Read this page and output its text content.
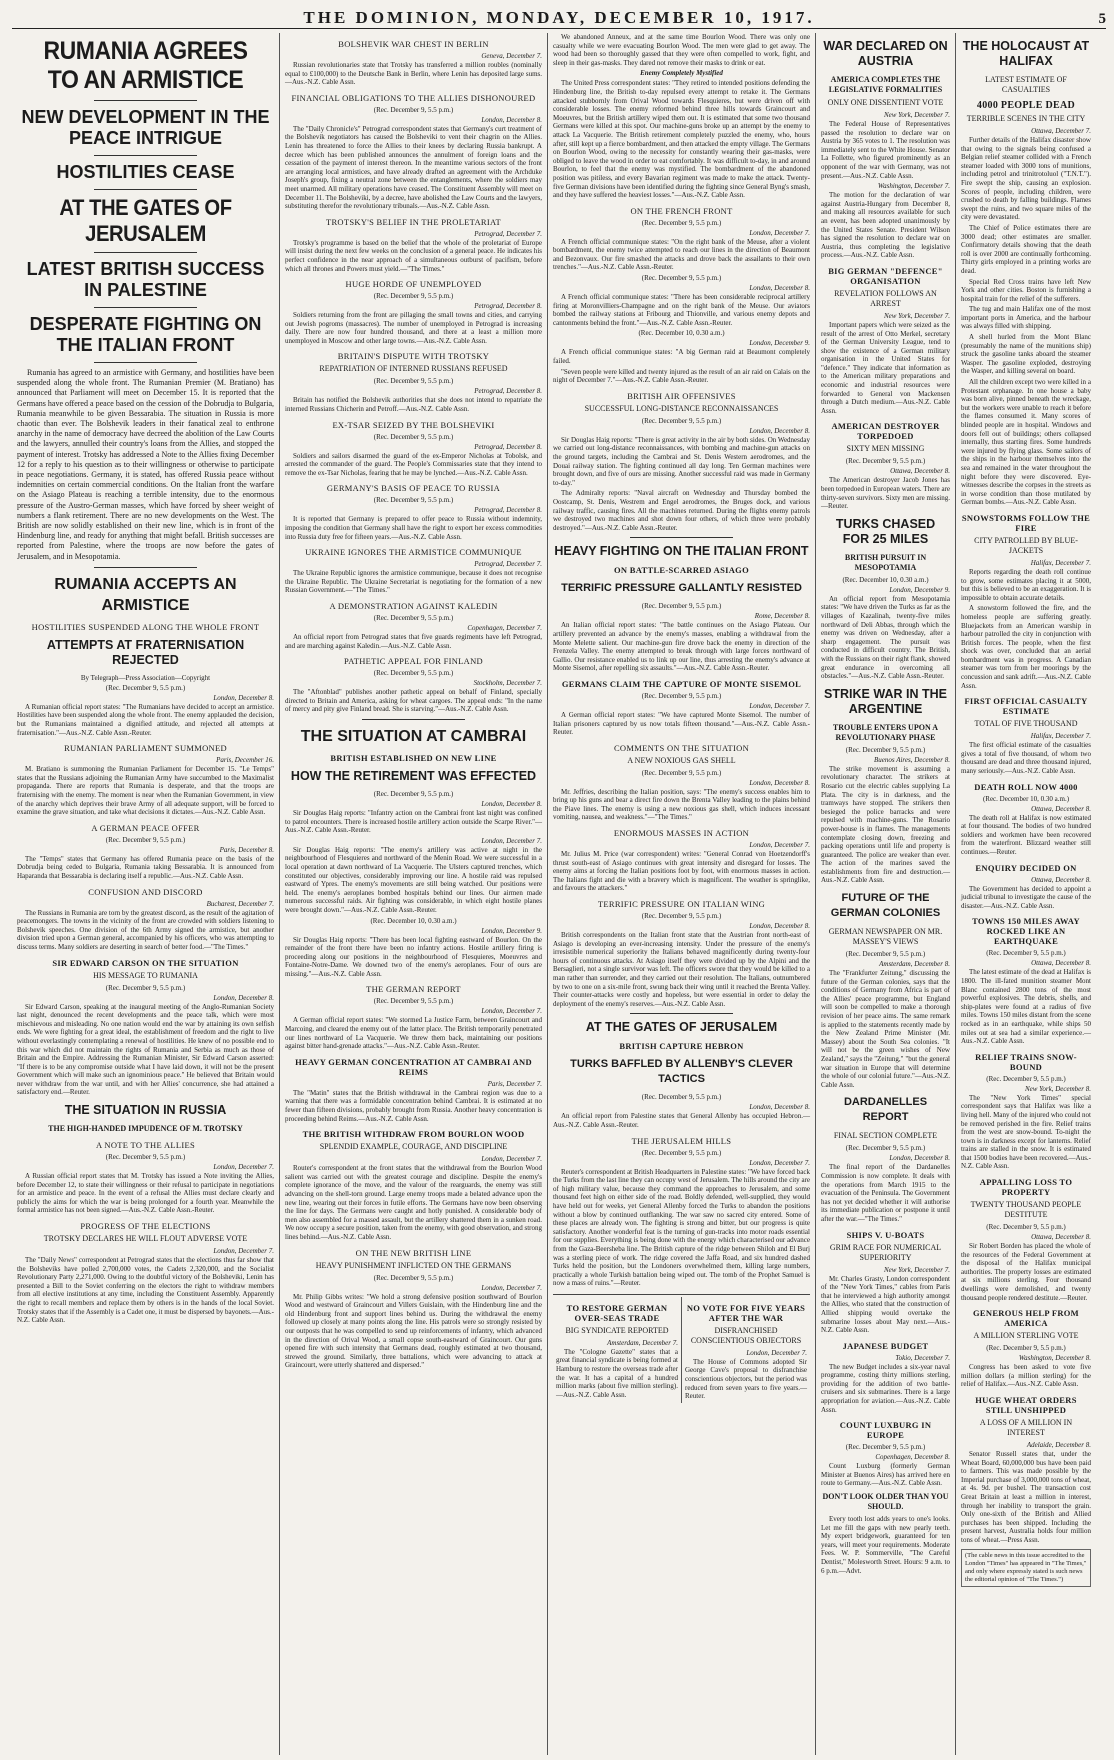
THE DOMINION, MONDAY, DECEMBER 10, 1917.	5
RUMANIA AGREES TO AN ARMISTICE
NEW DEVELOPMENT IN THE PEACE INTRIGUE
HOSTILITIES CEASE
AT THE GATES OF JERUSALEM
LATEST BRITISH SUCCESS IN PALESTINE
DESPERATE FIGHTING ON THE ITALIAN FRONT

Rumania has agreed to an armistice with Germany, and hostilities have been suspended along the whole front. The Rumanian Premier (M. Bratiano) has announced that Parliament will meet on December 15. It is reported that the Germans have offered a peace based on the cession of the Dobrudja to Bulgaria, Rumania meanwhile to be given Bessarabia. The situation in Russia is more chaotic than ever. The Bolshevik leaders in their fanatical zeal to enthrone anarchy in the name of democracy have decreed the abolition of the Law Courts and the lawyers, annulled their country's loans from the Allies, and stopped the payment of interest. Trotsky has addressed a Note to the Allies fixing December 12 for a reply to his question as to their willingness or otherwise to participate in peace negotiations. Germany, it is stated, has offered Russia peace without indemnities on certain commercial conditions. On the Italian front the warfare on the Asiago Plateau is reaching a terrible intensity, due to the enormous pressure of the Austro-German masses, which have forced by sheer weight of numbers a flank retirement. There are no new developments on the West. The British are now solidly established on their new line, which is in front of the Hindenburg line, and ready for anything that might befall. British successes are reported from Palestine, where the troops are now before the gates of Jerusalem, and in Mesopotamia.

RUMANIA ACCEPTS AN ARMISTICE
HOSTILITIES SUSPENDED ALONG THE WHOLE FRONT
ATTEMPTS AT FRATERNISATION REJECTED
By Telegraph—Press Association—Copyright
(Rec. December 9, 5.5 p.m.)
London, December 8.

A Rumanian official report states: "The Rumanians have decided to accept an armistice. Hostilities have been suspended along the whole front. The enemy applauded the decision, but the Rumanians maintained a dignified attitude, and rejected all attempts at fraternisation."—Aus.-N.Z. Cable Assn.-Reuter.

RUMANIAN PARLIAMENT SUMMONED
Paris, December 16.

M. Bratiano is summoning the Rumanian Parliament for December 15. "Le Temps" states that the Russians adjoining the Rumanian Army have succumbed to the Maximalist propaganda. There are reports that Rumania is desperate, and that the troops are fraternising with the enemy. The moment is near when the Rumanian Government, in view of the anarchy which deprives their brave Army of all adequate support, will be forced to examine the grave situation, and take what decisions it dictates.—Aus.-N.Z. Cable Assn.

A GERMAN PEACE OFFER
(Rec. December 9, 5.5 p.m.)
Paris, December 8.

The "Temps" states that Germany has offered Rumania peace on the basis of the Dobrudja being ceded to Bulgaria, Rumania taking Bessarabia. It is announced from Haparanda that Bessarabia is declaring itself a republic.—Aus.-N.Z. Cable Assn.

CONFUSION AND DISCORD
Bucharest, December 7.

The Russians in Rumania are torn by the greatest discord, as the result of the agitation of peacemongers. The towns in the vicinity of the front are crowded with soldiers listening to Bolshevik speeches. One division of the 6th Army signed the armistice, but another division tried upon a German general, accompanied by his officers, who was attempting to discuss terms. Many soldiers are deserting in search of better food.—"The Times."

SIR EDWARD CARSON ON THE SITUATION
HIS MESSAGE TO RUMANIA
(Rec. December 9, 5.5 p.m.)
London, December 8.

Sir Edward Carson, speaking at the inaugural meeting of the Anglo-Rumanian Society last night, denounced the recent developments and the peace talk, which were most mischievous and misleading. No one nation would end the war by attaining its own selfish ends. We were fighting for a great ideal, the establishment of freedom and the right to live without everlastingly contemplating a renewal of hostilities. He knew of no possible end to this war which did not maintain the rights of Rumania and Serbia as much as those of Britain and the Empire. Addressing the Rumanian Minister, Sir Edward Carson asserted: "If there is to be any compromise outside what I have laid down, it will not be the present Government which will make such an ignominious peace." He believed that Britain would never withdraw from the war until, and with her Allies' concurrence, she had attained a satisfactory end.—Reuter.

THE SITUATION IN RUSSIA
THE HIGH-HANDED IMPUDENCE OF M. TROTSKY
A NOTE TO THE ALLIES
(Rec. December 9, 5.5 p.m.)
London, December 7.

A Russian official report states that M. Trotsky has issued a Note inviting the Allies, before December 12, to state their willingness or their refusal to participate in negotiations for an armistice and peace. In the event of a refusal the Allies must declare clearly and publicly the aims for which the war is being prolonged for a fourth year. Meanwhile the formal armistice has not been signed.—Aus.-N.Z. Cable Assn.-Reuter.

PROGRESS OF THE ELECTIONS
TROTSKY DECLARES HE WILL FLOUT ADVERSE VOTE
London, December 7.

The "Daily News" correspondent at Petrograd states that the elections thus far show that the Bolsheviks have polled 2,700,000 votes, the Cadets 2,320,000, and the Socialist Revolutionary Party 2,271,000. Owing to the doubtful victory of the Bolsheviki, Lenin has presented a Bill to the Soviet conferring on the electors the right to withdraw members from all elective institutions at any time, including the Constituent Assembly. Apparently the right to recall members and replace them by others is in the hands of the local Soviet. Trotsky states that if the Assembly is a Cadet one, it must be dispersed by bayonets.—Aus.-N.Z. Cable Assn.

BOLSHEVIK WAR CHEST IN BERLIN
Geneva, December 7.

Russian revolutionaries state that Trotsky has transferred a million roubles (nominally equal to £100,000) to the Deutsche Bank in Berlin, where Lenin has deposited large sums.—Aus.-N.Z. Cable Assn.

FINANCIAL OBLIGATIONS TO THE ALLIES DISHONOURED
(Rec. December 9, 5.5 p.m.)
London, December 8.

The "Daily Chronicle's" Petrograd correspondent states that Germany's curt treatment of the Bolshevik negotiators has caused the Bolsheviki to vent their chagrin on the Allies. Lenin has threatened to force the Allies to their knees by declaring Russia bankrupt. A decree which has been published announces the annulment of foreign loans and the cessation of the payment of interest thereon. In the meantime various sectors of the front are arranging local armistices, and have already drafted an agreement with the Archduke Joseph's group, fixing a neutral zone between the entanglements, where the soldiers may meet unarmed. All military operations have ceased. The Constituent Assembly will meet on December 11. The Bolsheviki, by a decree, have abolished the Law Courts and the lawyers, substituting therefor the revolutionary tribunals.—Aus.-N.Z. Cable Assn.

TROTSKY'S BELIEF IN THE PROLETARIAT
Petrograd, December 7.

Trotsky's programme is based on the belief that the whole of the proletariat of Europe will insist during the next few weeks on the conclusion of a general peace. He indicates his perfect confidence in the near approach of a simultaneous outburst of pacifism, before which all thrones and Powers must yield.—"The Times."

HUGE HORDE OF UNEMPLOYED
(Rec. December 9, 5.5 p.m.)
Petrograd, December 8.

Soldiers returning from the front are pillaging the small towns and cities, and carrying out Jewish pogroms (massacres). The number of unemployed in Petrograd is increasing daily. There are now four hundred thousand, and there at a least a million more unemployed in Moscow and other large towns.—Aus.-N.Z. Cable Assn.

BRITAIN'S DISPUTE WITH TROTSKY
REPATRIATION OF INTERNED RUSSIANS REFUSED
(Rec. December 9, 5.5 p.m.)
Petrograd, December 8.

Britain has notified the Bolshevik authorities that she does not intend to repatriate the interned Russians Chicherin and Petroff.—Aus.-N.Z. Cable Assn.

EX-TSAR SEIZED BY THE BOLSHEVIKI
(Rec. December 9, 5.5 p.m.)
Petrograd, December 8.

Soldiers and sailors disarmed the guard of the ex-Emperor Nicholas at Tobolsk, and arrested the commander of the guard. The People's Commissaries state that they intend to remove the ex-Tsar Nicholas, fearing that he may be lynched.—Aus.-N.Z. Cable Assn.

GERMANY'S BASIS OF PEACE TO RUSSIA
(Rec. December 9, 5.5 p.m.)
Petrograd, December 8.

It is reported that Germany is prepared to offer peace to Russia without indemnity, imposing the condition that Germany shall have the right to export her excess commodities into Russia duty free for fifteen years.—Aus.-N.Z. Cable Assn.

UKRAINE IGNORES THE ARMISTICE COMMUNIQUE
Petrograd, December 7.

The Ukraine Republic ignores the armistice communique, because it does not recognise the Ukraine Republic. The Ukraine Secretariat is negotiating for the formation of a new Russian Government.—"The Times."

A DEMONSTRATION AGAINST KALEDIN
(Rec. December 9, 5.5 p.m.)
Copenhagen, December 7.

An official report from Petrograd states that five guards regiments have left Petrograd, and are marching against Kaledin.—Aus.-N.Z. Cable Assn.

PATHETIC APPEAL FOR FINLAND
(Rec. December 9, 5.5 p.m.)
Stockholm, December 7.

The "Aftonblad" publishes another pathetic appeal on behalf of Finland, specially directed to Britain and America, asking for wheat cargoes. The appeal ends: "In the name of mercy and pity give Finland bread. She is starving."—Aus.-N.Z. Cable Assn.

THE SITUATION AT CAMBRAI
BRITISH ESTABLISHED ON NEW LINE
HOW THE RETIREMENT WAS EFFECTED
(Rec. December 9, 5.5 p.m.)
London, December 8.

Sir Douglas Haig reports: "Infantry action on the Cambrai front last night was confined to patrol encounters. There is increased hostile artillery action outside the Scarpe River."—Aus.-N.Z. Cable Assn.-Reuter.

London, December 7.

Sir Douglas Haig reports: "The enemy's artillery was active at night in the neighbourhood of Flesquieres and northward of the Menin Road. We were successful in a local operation at dawn northward of La Vacquerie. The Ulsters captured trenches, which constituted our objectives, considerably improving our line. A hostile raid was repulsed eastward of Ypres. The enemy's movements are still being watched. Our positions were held. The enemy's aeroplanes bombed hospitals behind our lines. Our airmen made numerous successful raids. Air fighting was considerable, in which eight hostile planes were brought down."—Aus.-N.Z. Cable Assn.-Reuter.

(Rec. December 10, 0.30 a.m.)
London, December 9.

Sir Douglas Haig reports: "There has been local fighting eastward of Bourlon. On the remainder of the front there have been no infantry actions. Hostile artillery firing is proceeding along our positions in the neighbourhood of Flesquieres, Moeuvres and Fontaine-Notre-Dame. We downed two of the enemy's aeroplanes. Four of ours are missing."—Aus.-N.Z. Cable Assn.

THE GERMAN REPORT
(Rec. December 9, 5.5 p.m.)
London, December 7.

A German official report states: "We stormed La Justice Farm, between Graincourt and Marcoing, and cleared the enemy out of the latter place. The British temporarily penetrated our lines northward of La Vacquerie. We threw them back, maintaining our positions against bitter hand-grenade attacks."—Aus.-N.Z. Cable Assn.-Reuter.

HEAVY GERMAN CONCENTRATION AT CAMBRAI AND REIMS
Paris, December 7.

The "Matin" states that the British withdrawal in the Cambrai region was due to a warning that there was a formidable concentration behind Cambrai. It is estimated at no fewer than fifteen divisions, probably brought from Russia. Another heavy concentration is proceeding behind Reims.—Aus.-N.Z. Cable Assn.

THE BRITISH WITHDRAW FROM BOURLON WOOD
SPLENDID EXAMPLE, COURAGE, AND DISCIPLINE
London, December 7.

Router's correspondent at the front states that the withdrawal from the Bourlon Wood salient was carried out with the greatest courage and discipline. Despite the enemy's complete ignorance of the move, and the valour of the rearguards, the enemy was still advancing on the shell-torn ground. Large enemy troops made a belated advance upon the new line, wearing out their forces in futile efforts. The Germans have now been observing the line for days. The Germans were caught and hotly punished. A considerable body of men also assembled for a massed assault, but the artillery shattered them in a sunken road. We now occupy a secure position, taken from the enemy, with good observation, and strong lines behind.—Aus.-N.Z. Cable Assn.

ON THE NEW BRITISH LINE
HEAVY PUNISHMENT INFLICTED ON THE GERMANS
(Rec. December 9, 5.5 p.m.)
London, December 7.

Mr. Philip Gibbs writes: "We hold a strong defensive position southward of Bourlon Wood and westward of Graincourt and Villers Guislain, with the Hindenburg line and the old Hindenburg front and support lines behind us. During the withdrawal the enemy followed up closely at many points along the line. His patrols were so strongly resisted by our outposts that he was compelled to send up reinforcements of infantry, which advanced in the direction of Orival Wood, a small copse south-eastward of Graincourt. Our guns opened fire with such intensity that Germans dead, roughly estimated at two thousand, strewed the ground. Similarly, three battalions, which were advancing to attack at Graincourt, were utterly shattered and dispersed."

We abandoned Anneux, and at the same time Bourlon Wood. There was only one casualty while we were evacuating Bourlon Wood. The men were glad to get away. The wood had been so thoroughly gassed that they were often compelled to work, fight, and sleep in their gas-masks. They dared not remove their masks to drink or eat.

Enemy Completely Mystified

The United Press correspondent states: "They retired to intended positions defending the Hindenburg line, the British to-day repulsed every attempt to retake it. The Germans attacked stubbornly from Orival Wood towards Flesquieres, but were driven off with considerable losses. The enemy reformed behind three hills towards Graincourt and Moeuvres, but the British artillery wiped them out. It is estimated that some two thousand Germans were killed at this spot. Our machine-guns broke up an attempt by the enemy to attack La Vacquerie. The British retirement completely puzzled the enemy, who, hours after, still kept up a fierce bombardment, and then attacked the empty village. The Germans on Bourlon Wood, owing to the necessity for constantly wearing their gas-masks, were obliged to leave the wood in order to eat comfortably. It was difficult to-day, in and around Bourlon, to feel that the enemy was mystified. The bombardment of the abandoned position was pitiless, and every Bavarian regiment was made to make the attack. Twenty-five German divisions have been identified during the fighting since General Byng's smash, and they have suffered the heaviest losses."—Aus.-N.Z. Cable Assn.

ON THE FRENCH FRONT
(Rec. December 9, 5.5 p.m.)
London, December 7.

A French official communique states: "On the right bank of the Meuse, after a violent bombardment, the enemy twice attempted to reach our lines in the direction of Beaumont and Bezonvaux. Our fire smashed the attacks and drove back the assailants to their own trenches."—Aus.-N.Z. Cable Assn.-Reuter.

(Rec. December 9, 5.5 p.m.)
London, December 8.

A French official communique states: "There has been considerable reciprocal artillery firing at Moronvilliers-Champagne and on the right bank of the Meuse. Our aviators bombed the railway stations at Fribourg and Thionville, and various enemy depots and cantonments behind the front."—Aus.-N.Z. Cable Assn.-Reuter.

(Rec. December 10, 0.30 a.m.)
London, December 9.

A French official communique states: "A big German raid at Beaumont completely failed.

"Seven people were killed and twenty injured as the result of an air raid on Calais on the night of December 7."—Aus.-N.Z. Cable Assn.-Reuter.

BRITISH AIR OFFENSIVES
SUCCESSFUL LONG-DISTANCE RECONNAISSANCES
(Rec. December 9, 5.5 p.m.)
London, December 8.

Sir Douglas Haig reports: "There is great activity in the air by both sides. On Wednesday we carried out long-distance reconnaissances, with bombing and machine-gun attacks on the ground targets, including the Cambrai and St. Denis Western aerodromes, and the Douai railway station. The fighting continued all day long. Ten German machines were brought down, and five of ours are missing. Another successful raid was made in Germany to-day."

The Admiralty reports: "Naval aircraft on Wednesday and Thursday bombed the Oostcamp, St. Denis, Westrem and Engel aerodromes, the Bruges dock, and various railway traffic, causing fires. All the machines returned. During the flights enemy patrols we destroyed two machines and shot down four others, of which three were probably destroyed."—Aus.-N.Z. Cable Assn.-Reuter.

HEAVY FIGHTING ON THE ITALIAN FRONT
ON BATTLE-SCARRED ASIAGO
TERRIFIC PRESSURE GALLANTLY RESISTED
(Rec. December 9, 5.5 p.m.)
Rome, December 8.

An Italian official report states: "The battle continues on the Asiago Plateau. Our artillery prevented an advance by the enemy's masses, enabling a withdrawal from the Monte Melette salient. Our machine-gun fire drove back the enemy in direction of the Frenzela Valley. The enemy attempted to break through with large forces northward of Gallio. Our resistance enabled us to link up our line, thus arresting the enemy's advance at Monte Sisemol, after repelling six assaults."—Aus.-N.Z. Cable Assn.-Reuter.

GERMANS CLAIM THE CAPTURE OF MONTE SISEMOL
(Rec. December 9, 5.5 p.m.)
London, December 7.

A German official report states: "We have captured Monte Sisemol. The number of Italian prisoners captured by us now totals fifteen thousand."—Aus.-N.Z. Cable Assn.-Reuter.

COMMENTS ON THE SITUATION
A NEW NOXIOUS GAS SHELL
(Rec. December 9, 5.5 p.m.)
London, December 8.

Mr. Jeffries, describing the Italian position, says: "The enemy's success enables him to bring up his guns and bear a direct fire down the Brenta Valley leading to the plains behind the Piave lines. The enemy is using a new noxious gas shell, which induces incessant vomiting, nausea, and weakness."—"The Times."

ENORMOUS MASSES IN ACTION
London, December 7.

Mr. Julius M. Price (war correspondent) writes: "General Conrad von Hoetzendorff's thrust south-east of Asiago continues with great intensity and disregard for losses. The enemy aims at forcing the Italian positions foot by foot, with enormous masses in action. The Italians fight and die with a bravery which is magnificent. The weather is springlike, and favours the attackers."

TERRIFIC PRESSURE ON ITALIAN WING
(Rec. December 9, 5.5 p.m.)
London, December 8.

British correspondents on the Italian front state that the Austrian front north-east of Asiago is developing an ever-increasing intensity. Under the pressure of the enemy's irresistible numerical superiority the Italians behaved magnificently during twenty-four hours of continuous attacks. At Asiago itself they were divided up by the Alpini and the Bersaglieri, not a single survivor was left. The officers swore that they would be killed to a man rather than surrender, and they carried out their resolution. The Italians, outnumbered by two to one on a six-mile front, swung back their wing until it reached the Brenta Valley. Their counter-attacks were costly and hopeless, but were essential in order to delay the deployment of the enemy's reserves.—Aus.-N.Z. Cable Assn.

AT THE GATES OF JERUSALEM
BRITISH CAPTURE HEBRON
TURKS BAFFLED BY ALLENBY'S CLEVER TACTICS
(Rec. December 9, 5.5 p.m.)
London, December 8.

An official report from Palestine states that General Allenby has occupied Hebron.—Aus.-N.Z. Cable Assn.-Reuter.

THE JERUSALEM HILLS
(Rec. December 9, 5.5 p.m.)
London, December 7.

Reuter's correspondent at British Headquarters in Palestine states: "We have forced back the Turks from the last line they can occupy west of Jerusalem. The hills around the city are of high military value, because they command the approaches to Jerusalem, and some thousand feet high on either side of the road. Boldly defended, well-supplied, they would have held out for weeks, yet General Allenby forced the Turks to abandon the positions without a blow by continued outflanking. The war saw no sacred city entered. Some of these places are already won. The fighting is strong and bitter, but our progress is quite satisfactory. Another wonderful feat is the turning of gun-tracks into motor roads essential for our supplies. Everything is being done with the energy which characterised our advance from the Gaza-Beersheba line. The British capture of the ridge between Shiloh and El Burj was a sterling piece of work. The ridge covered the Jaffa Road, and six hundred dashed Turks held the position, but the Londoners overwhelmed them, killing large numbers, practically a whole Turkish battalion being wiped out. The tomb of the Prophet Samuel is now a mass of ruins."—Reuter.

TO RESTORE GERMAN OVER-SEAS TRADE
BIG SYNDICATE REPORTED
Amsterdam, December 7.

The "Cologne Gazette" states that a great financial syndicate is being formed at Hamburg to restore the overseas trade after the war. It has a capital of a hundred million marks (about five million sterling).—Aus.-N.Z. Cable Assn.

NO VOTE FOR FIVE YEARS AFTER THE WAR
DISFRANCHISED CONSCIENTIOUS OBJECTORS
London, December 7.

The House of Commons adopted Sir George Cave's proposal to disfranchise conscientious objectors, but the period was reduced from seven years to five years.—Reuter.

WAR DECLARED ON AUSTRIA
AMERICA COMPLETES THE LEGISLATIVE FORMALITIES
ONLY ONE DISSENTIENT VOTE
New York, December 7.

The Federal House of Representatives passed the resolution to declare war on Austria by 365 votes to 1. The resolution was immediately sent to the White House. Senator La Follette, who figured prominently as an opponent of the war with Germany, was not present.—Aus.-N.Z. Cable Assn.

Washington, December 7.

The motion for the declaration of war against Austria-Hungary from December 8, and making all resources available for such an event, has been adopted unanimously by the United States Senate. President Wilson has signed the resolution to declare war on Austria, thus completing the legislative process.—Aus.-N.Z. Cable Assn.

BIG GERMAN "DEFENCE" ORGANISATION
REVELATION FOLLOWS AN ARREST
New York, December 7.

Important papers which were seized as the result of the arrest of Otto Merkel, secretary of the German University League, tend to show the existence of a German military organisation in the United States for "defence." They indicate that information as to the American military preparations and economic and industrial resources were forwarded to General von Mackensen through a Dutch medium.—Aus.-N.Z. Cable Assn.

AMERICAN DESTROYER TORPEDOED
SIXTY MEN MISSING
(Rec. December 9, 5.5 p.m.)
Ottawa, December 8.

The American destroyer Jacob Jones has been torpedoed in European waters. There are thirty-seven survivors. Sixty men are missing.—Reuter.

TURKS CHASED FOR 25 MILES
BRITISH PURSUIT IN MESOPOTAMIA
(Rec. December 10, 0.30 a.m.)
London, December 9.

An official report from Mesopotamia states: "We have driven the Turks as far as the villages of Kazalinah, twenty-five miles northward of Deli Abbas, through which the enemy was driven on Wednesday, after a sharp engagement. The pursuit was conducted in difficult country. The British, with the Russians on their right flank, showed great endurance in overcoming all obstacles."—Aus.-N.Z. Cable Assn.-Reuter.

STRIKE WAR IN THE ARGENTINE
TROUBLE ENTERS UPON A REVOLUTIONARY PHASE
(Rec. December 9, 5.5 p.m.)
Buenos Aires, December 8.

The strike movement is assuming a revolutionary character. The strikers at Rosario cut the electric cables supplying La Plata. The city is in darkness, and the tramways have stopped. The strikers then besieged the police barracks and were repulsed with machine-guns. The Rosario power-house is in flames. The managements contemplate closing down, freezing and packing operations until life and property is guaranteed. The police are weaker than ever. The action of the marines saved the establishments from fire and destruction.—Aus.-N.Z. Cable Assn.

FUTURE OF THE GERMAN COLONIES
GERMAN NEWSPAPER ON MR. MASSEY'S VIEWS
(Rec. December 9, 5.5 p.m.)
Amsterdam, December 8.

The "Frankfurter Zeitung," discussing the future of the German colonies, says that the conditions of Germany from Africa is part of the Allies' peace programme, but England will soon be compelled to make a thorough revision of her peace aims. The same remark is applied to the statements recently made by the New Zealand Prime Minister (Mr. Massey) about the South Sea colonies. "It will not be the green wishes of New Zealand," says the "Zeitung," "but the general war situation in Europe that will determine the whole of our colonial future."—Aus.-N.Z. Cable Assn.

DARDANELLES REPORT
FINAL SECTION COMPLETE
(Rec. December 9, 5.5 p.m.)
London, December 8.

The final report of the Dardanelles Commission is now complete. It deals with the operations from March 1915 to the evacuation of the Peninsula. The Government has not yet decided whether it will authorise its immediate publication or postpone it until after the war.—"The Times."

SHIPS V. U-BOATS
GRIM RACE FOR NUMERICAL SUPERIORITY
New York, December 7.

Mr. Charles Grasty, London correspondent of the "New York Times," cables from Paris that he interviewed a high authority amongst the Allies, who stated that the construction of Allied shipping would overtake the submarine losses about May next.—Aus.-N.Z. Cable Assn.

JAPANESE BUDGET
Tokio, December 7.

The new Budget includes a six-year naval programme, costing thirty millions sterling, providing for the addition of two battle-cruisers and six submarines. There is a large appropriation for aviation.—Aus.-N.Z. Cable Assn.

COUNT LUXBURG IN EUROPE
(Rec. December 9, 5.5 p.m.)
Copenhagen, December 8.

Count Luxburg (formerly German Minister at Buenos Aires) has arrived here en route to Germany.—Aus.-N.Z. Cable Assn.

DON'T LOOK OLDER THAN YOU SHOULD.

Every tooth lost adds years to one's looks. Let me fill the gaps with new pearly teeth. My expert bridgework, guaranteed for ten years, will meet your requirements. Moderate Fees. W. P. Sommerville, "The Careful Dentist," Molesworth Street. Hours: 9 a.m. to 6 p.m.—Advt.

THE HOLOCAUST AT HALIFAX
LATEST ESTIMATE OF CASUALTIES
4000 PEOPLE DEAD
TERRIBLE SCENES IN THE CITY
Ottawa, December 7.

Further details of the Halifax disaster show that owing to the signals being confused a Belgian relief steamer collided with a French steamer loaded with 3000 tons of munitions, including petrol and trinitrotoluol ("T.N.T."). Fire swept the ship, causing an explosion. Scores of people, including children, were crushed to death by falling buildings. Flames swept the ruins, and two square miles of the city were devastated.

The Chief of Police estimates there are 3000 dead; other estimates are smaller. Confirmatory details showing that the death roll is over 2000 are continually forthcoming. Thirty girls employed in a printing works are dead.

Special Red Cross trains have left New York and other cities. Boston is furnishing a hospital train for the relief of the sufferers.

The tug and main Halifax one of the most important ports in America, and the harbour was always filled with shipping.

A shell hurled from the Mont Blanc (presumably the name of the munitions ship) struck the gasoline tanks aboard the steamer Wasper. The gasoline exploded, destroying the Wasper, and killing several on board.

All the children except two were killed in a Protestant orphanage. In one house a baby was born alive, pinned beneath the wreckage, but the workers were unable to reach it before the flames consumed it. Many scores of blinded people are in hospital. Windows and doors fell out of buildings; others collapsed internally, thus starting fires. Some hundreds were injured by flying glass. Some sailors of the ships in the harbour themselves into the sea and remained in the water throughout the night before they were discovered. Eye-witnesses describe the corpses in the streets as in worse condition than those mutilated by German bombs.—Aus.-N.Z. Cable Assn.

SNOWSTORMS FOLLOW THE FIRE
CITY PATROLLED BY BLUE-JACKETS
Halifax, December 7.

Reports regarding the death roll continue to grow, some estimates placing it at 5000, but this is believed to be an exaggeration. It is impossible to obtain accurate details.

A snowstorm followed the fire, and the homeless people are suffering greatly. Bluejackets from an American warship in harbour patrolled the city in conjunction with British forces. The people, when the first shock was over, concluded that an aerial bombardment was in progress. A Canadian steamer was torn from her moorings by the concussion and sank adrift.—Aus.-N.Z. Cable Assn.

FIRST OFFICIAL CASUALTY ESTIMATE
TOTAL OF FIVE THOUSAND
Halifax, December 7.

The first official estimate of the casualties gives a total of five thousand, of whom two thousand are dead and three thousand injured, many seriously.—Aus.-N.Z. Cable Assn.

DEATH ROLL NOW 4000
(Rec. December 10, 0.30 a.m.)
Ottawa, December 8.

The death roll at Halifax is now estimated at four thousand. The bodies of two hundred soldiers and workmen have been recovered from the waterfront. Blizzard weather still continues.—Reuter.

ENQUIRY DECIDED ON
Ottawa, December 8.

The Government has decided to appoint a judicial tribunal to investigate the cause of the disaster.—Aus.-N.Z. Cable Assn.

TOWNS 150 MILES AWAY ROCKED LIKE AN EARTHQUAKE
(Rec. December 9, 5.5 p.m.)
Ottawa, December 8.

The latest estimate of the dead at Halifax is 1800. The ill-fated munition steamer Mont Blanc contained 2800 tons of the most powerful explosives. The debris, shells, and ship-plates were found at a radius of five miles. Towns 150 miles distant from the scene rocked as in an earthquake, while ships 50 miles out at sea had a similar experience.—Aus.-N.Z. Cable Assn.

RELIEF TRAINS SNOW-BOUND
(Rec. December 9, 5.5 p.m.)
New York, December 8.

The "New York Times" special correspondent says that Halifax was like a living hell. Many of the injured who could not be removed perished in the fire. Relief trains from the west are snow-bound. To-night the town is in darkness except for lanterns. Relief trains are stalled in the snow. It is estimated that 1500 bodies have been recovered.—Aus.-N.Z. Cable Assn.

APPALLING LOSS TO PROPERTY
TWENTY THOUSAND PEOPLE DESTITUTE
(Rec. December 9, 5.5 p.m.)
Ottawa, December 8.

Sir Robert Borden has placed the whole of the resources of the Federal Government at the disposal of the Halifax municipal authorities. The property losses are estimated at six millions sterling. Four thousand dwellings were demolished, and twenty thousand people rendered destitute.—Reuter.

GENEROUS HELP FROM AMERICA
A MILLION STERLING VOTE
(Rec. December 9, 5.5 p.m.)
Washington, December 8.

Congress has been asked to vote five million dollars (a million sterling) for the relief of Halifax.—Aus.-N.Z. Cable Assn.

HUGE WHEAT ORDERS STILL UNSHIPPED
A LOSS OF A MILLION IN INTEREST
Adelaide, December 8.

Senator Russell states that, under the Wheat Board, 60,000,000 bus have been paid to farmers. This was made possible by the Imperial purchase of 3,000,000 tons of wheat, at 4s. 9d. per bushel. The transaction cost Great Britain at least a million in interest, through her inability to transport the grain. Only one-sixth of the British and Allied purchases has been shipped. Including the present harvest, Australia holds four million tons of wheat.—Press Assn.

(The cable news in this issue accredited to the London "Times" has appeared in "The Times," and only where expressly stated is such news the editorial opinion of "The Times.")
